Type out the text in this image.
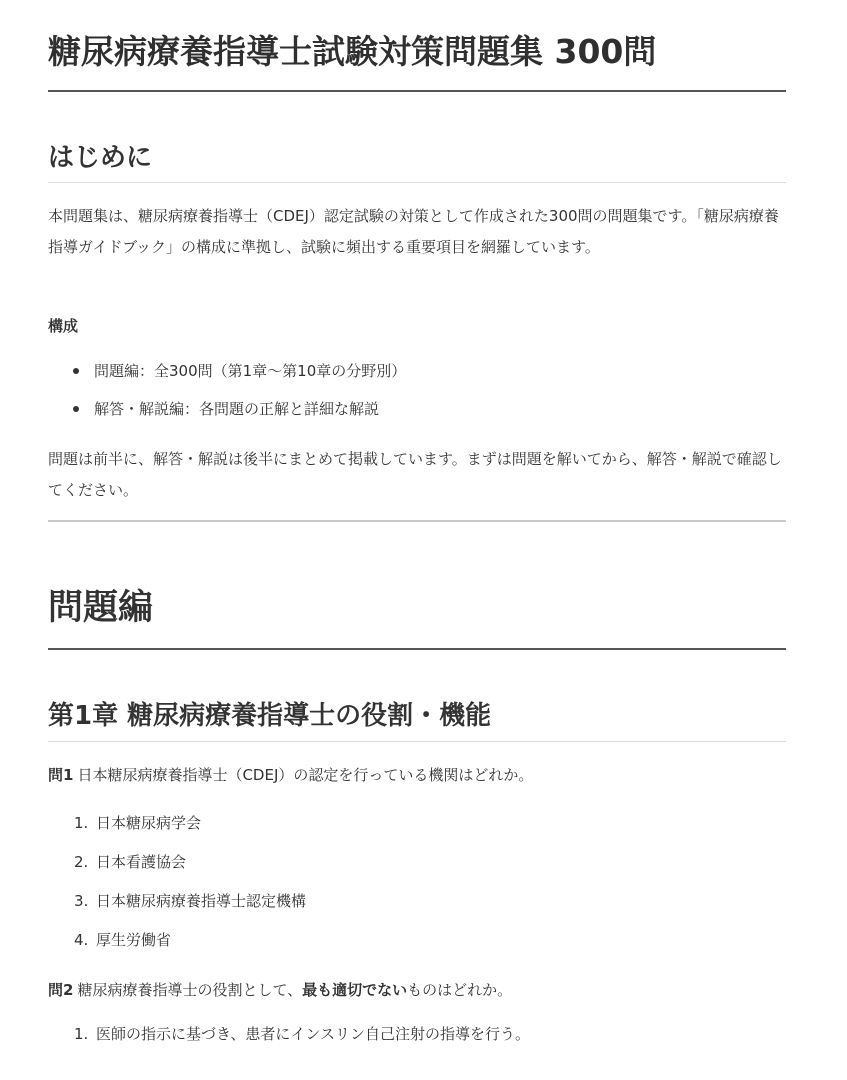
糖尿病療養指導士試験対策問題集 300問
はじめに

本問題集は、糖尿病療養指導士（CDEJ）認定試験の対策として作成された300問の問題集です。「糖尿病療養指導ガイドブック」の構成に準拠し、試験に頻出する重要項目を網羅しています。

構成

問題編：全300問（第1章〜第10章の分野別）
解答・解説編：各問題の正解と詳細な解説

問題は前半に、解答・解説は後半にまとめて掲載しています。まずは問題を解いてから、解答・解説で確認してください。

問題編
第1章 糖尿病療養指導士の役割・機能

問1 日本糖尿病療養指導士（CDEJ）の認定を行っている機関はどれか。

1. 日本糖尿病学会
2. 日本看護協会
3. 日本糖尿病療養指導士認定機構
4. 厚生労働省

問2 糖尿病療養指導士の役割として、最も適切でないものはどれか。

1. 医師の指示に基づき、患者にインスリン自己注射の指導を行う。
